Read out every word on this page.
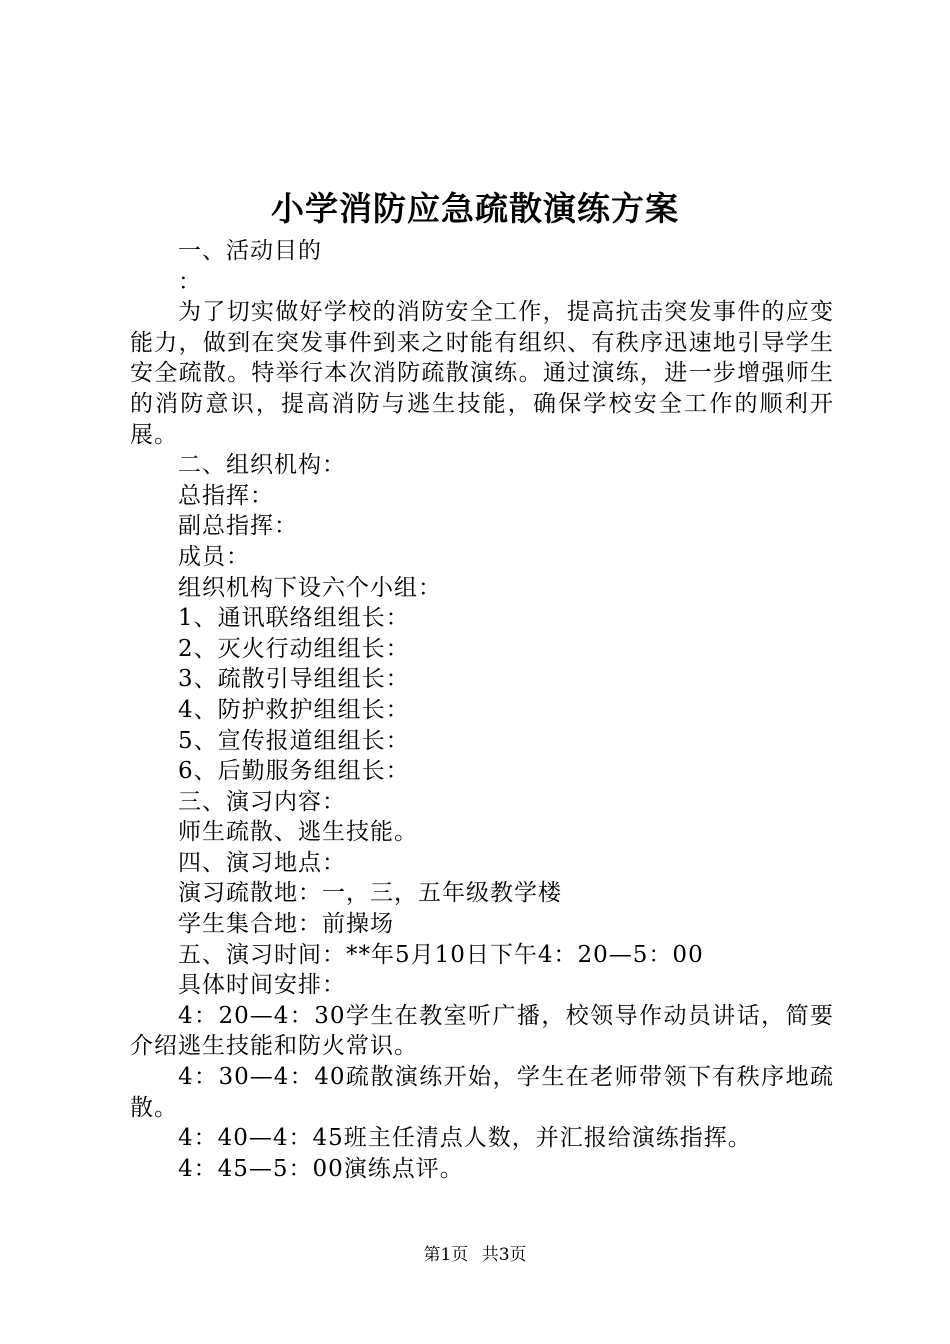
小学消防应急疏散演练方案
一、活动目的
：
为了切实做好学校的消防安全工作，提高抗击突发事件的应变能力，做到在突发事件到来之时能有组织、有秩序迅速地引导学生安全疏散。特举行本次消防疏散演练。通过演练，进一步增强师生的消防意识，提高消防与逃生技能，确保学校安全工作的顺利开展。
二、组织机构：
总指挥：
副总指挥：
成员：
组织机构下设六个小组：
1、通讯联络组组长：
2、灭火行动组组长：
3、疏散引导组组长：
4、防护救护组组长：
5、宣传报道组组长：
6、后勤服务组组长：
三、演习内容：
师生疏散、逃生技能。
四、演习地点：
演习疏散地：一，三，五年级教学楼
学生集合地：前操场
五、演习时间：**年5月10日下午4：20—5：00
具体时间安排：
4：20—4：30学生在教室听广播，校领导作动员讲话，简要介绍逃生技能和防火常识。
4：30—4：40疏散演练开始，学生在老师带领下有秩序地疏散。
4：40—4：45班主任清点人数，并汇报给演练指挥。
4：45—5：00演练点评。
第1页 共3页
